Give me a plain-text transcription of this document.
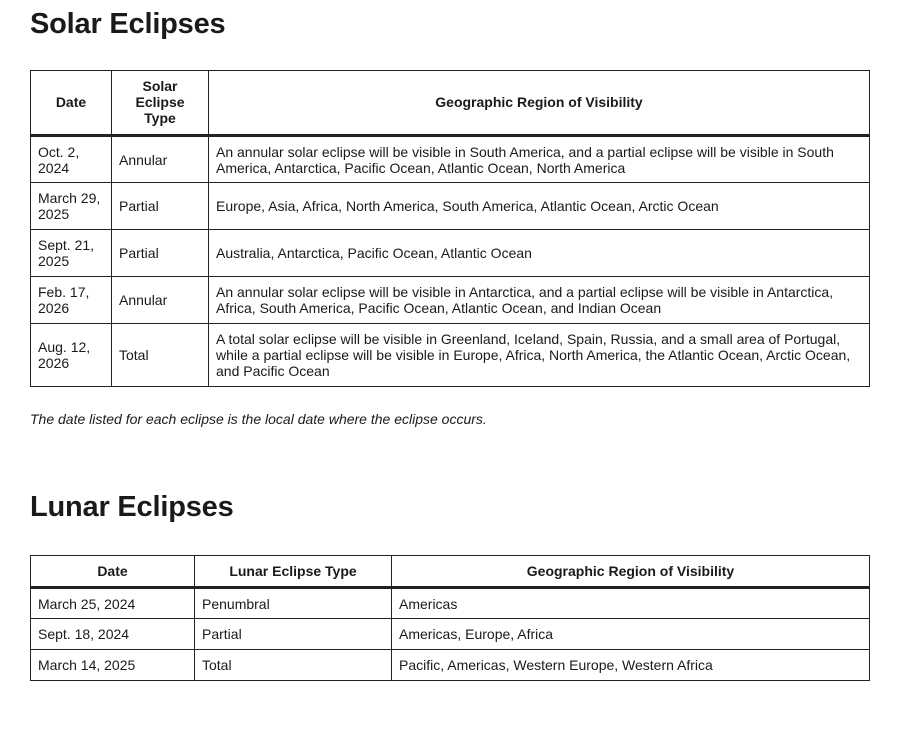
Solar Eclipses
Date	Solar Eclipse Type	Geographic Region of Visibility
Oct. 2, 2024	Annular	An annular solar eclipse will be visible in South America, and a partial eclipse will be visible in South America, Antarctica, Pacific Ocean, Atlantic Ocean, North America
March 29, 2025	Partial	Europe, Asia, Africa, North America, South America, Atlantic Ocean, Arctic Ocean
Sept. 21, 2025	Partial	Australia, Antarctica, Pacific Ocean, Atlantic Ocean
Feb. 17, 2026	Annular	An annular solar eclipse will be visible in Antarctica, and a partial eclipse will be visible in Antarctica, Africa, South America, Pacific Ocean, Atlantic Ocean, and Indian Ocean
Aug. 12, 2026	Total	A total solar eclipse will be visible in Greenland, Iceland, Spain, Russia, and a small area of Portugal, while a partial eclipse will be visible in Europe, Africa, North America, the Atlantic Ocean, Arctic Ocean, and Pacific Ocean

The date listed for each eclipse is the local date where the eclipse occurs.

Lunar Eclipses
Date	Lunar Eclipse Type	Geographic Region of Visibility
March 25, 2024	Penumbral	Americas
Sept. 18, 2024	Partial	Americas, Europe, Africa
March 14, 2025	Total	Pacific, Americas, Western Europe, Western Africa
